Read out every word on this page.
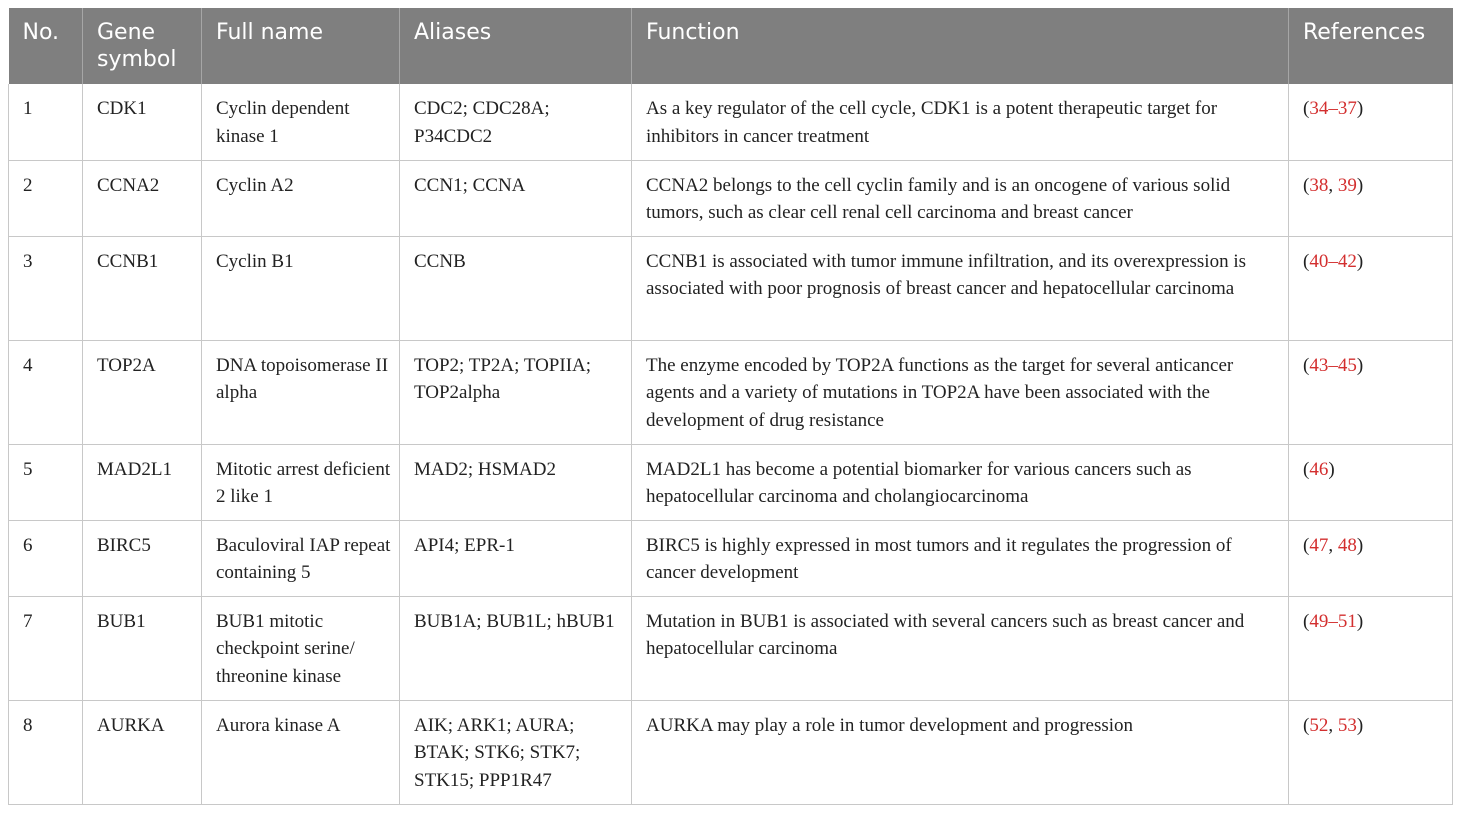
No.	Gene symbol	Full name	Aliases	Function	References
1	CDK1	Cyclin dependent kinase 1	CDC2; CDC28A; P34CDC2	As a key regulator of the cell cycle, CDK1 is a potent therapeutic target for inhibitors in cancer treatment	(34–37)
2	CCNA2	Cyclin A2	CCN1; CCNA	CCNA2 belongs to the cell cyclin family and is an oncogene of various solid tumors, such as clear cell renal cell carcinoma and breast cancer	(38, 39)
3	CCNB1	Cyclin B1	CCNB	CCNB1 is associated with tumor immune infiltration, and its overexpression is associated with poor prognosis of breast cancer and hepatocellular carcinoma	(40–42)
4	TOP2A	DNA topoisomerase II alpha	TOP2; TP2A; TOPIIA; TOP2alpha	The enzyme encoded by TOP2A functions as the target for several anticancer agents and a variety of mutations in TOP2A have been associated with the development of drug resistance	(43–45)
5	MAD2L1	Mitotic arrest deficient 2 like 1	MAD2; HSMAD2	MAD2L1 has become a potential biomarker for various cancers such as hepatocellular carcinoma and cholangiocarcinoma	(46)
6	BIRC5	Baculoviral IAP repeat containing 5	API4; EPR-1	BIRC5 is highly expressed in most tumors and it regulates the progression of cancer development	(47, 48)
7	BUB1	BUB1 mitotic checkpoint serine/ threonine kinase	BUB1A; BUB1L; hBUB1	Mutation in BUB1 is associated with several cancers such as breast cancer and hepatocellular carcinoma	(49–51)
8	AURKA	Aurora kinase A	AIK; ARK1; AURA; BTAK; STK6; STK7; STK15; PPP1R47	AURKA may play a role in tumor development and progression	(52, 53)
